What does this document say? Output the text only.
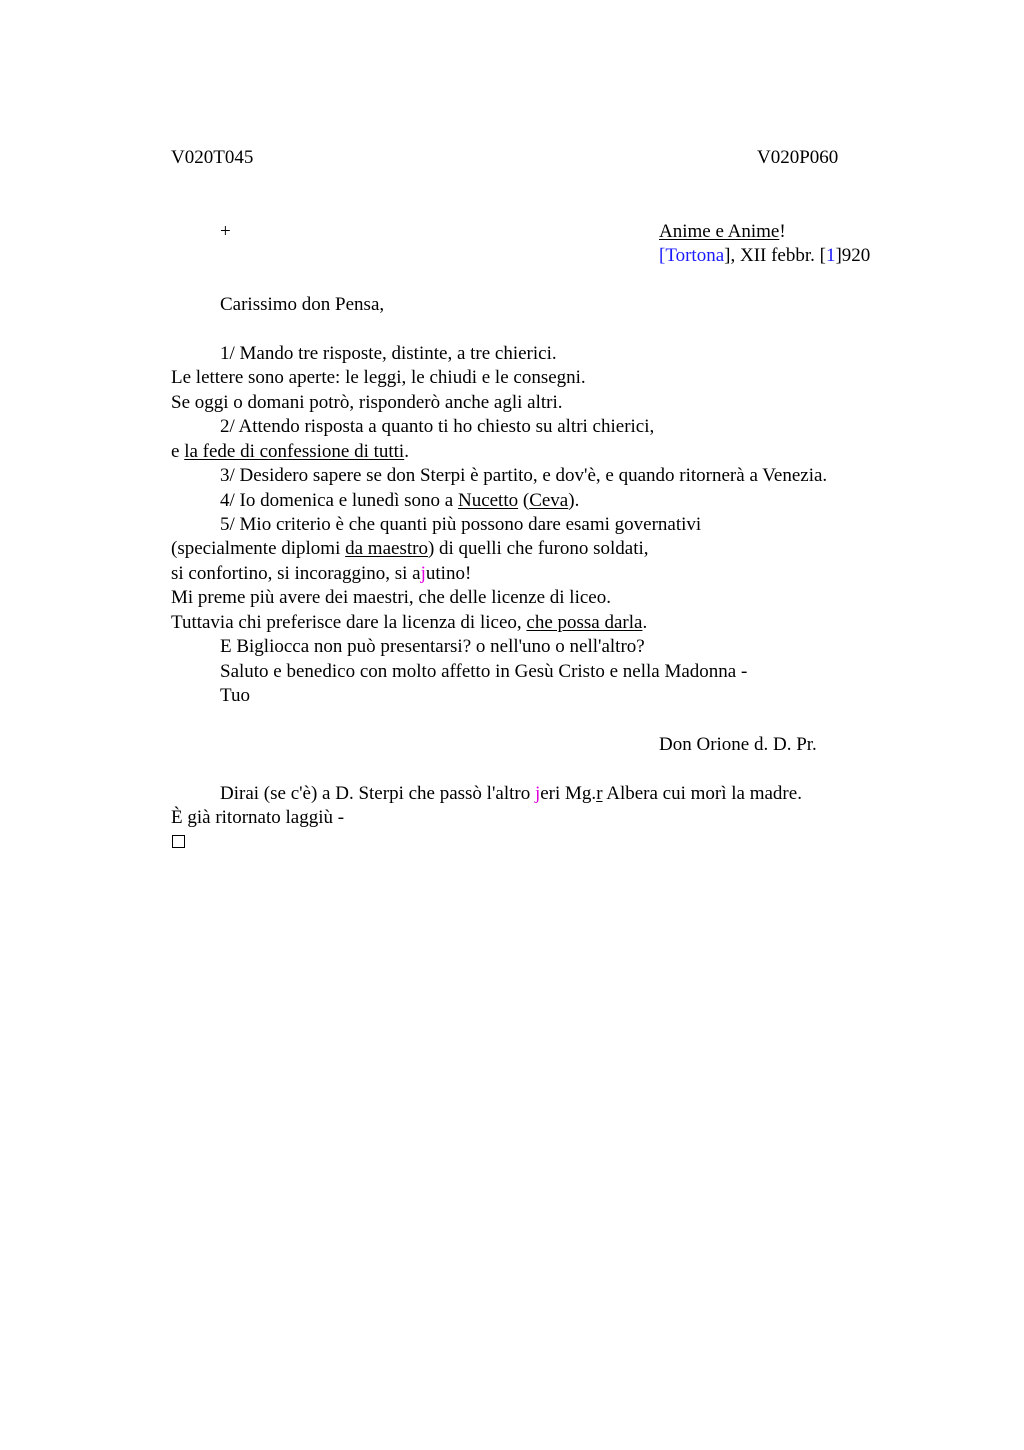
V020T045	V020P060
+	Anime e Anime!
[Tortona], XII febbr. [1]920
Carissimo don Pensa,
1/ Mando tre risposte, distinte, a tre chierici.
Le lettere sono aperte: le leggi, le chiudi e le consegni.
Se oggi o domani potrò, risponderò anche agli altri.
2/ Attendo risposta a quanto ti ho chiesto su altri chierici,
e la fede di confessione di tutti.
3/ Desidero sapere se don Sterpi è partito, e dov'è, e quando ritornerà a Venezia.
4/ Io domenica e lunedì sono a Nucetto (Ceva).
5/ Mio criterio è che quanti più possono dare esami governativi
(specialmente diplomi da maestro) di quelli che furono soldati,
si confortino, si incoraggino, si ajutino!
Mi preme più avere dei maestri, che delle licenze di liceo.
Tuttavia chi preferisce dare la licenza di liceo, che possa darla.
E Bigliocca non può presentarsi? o nell'uno o nell'altro?
Saluto e benedico con molto affetto in Gesù Cristo e nella Madonna -
Tuo
Don Orione d. D. Pr.
Dirai (se c'è) a D. Sterpi che passò l'altro jeri Mg.r Albera cui morì la madre.
È già ritornato laggiù -
